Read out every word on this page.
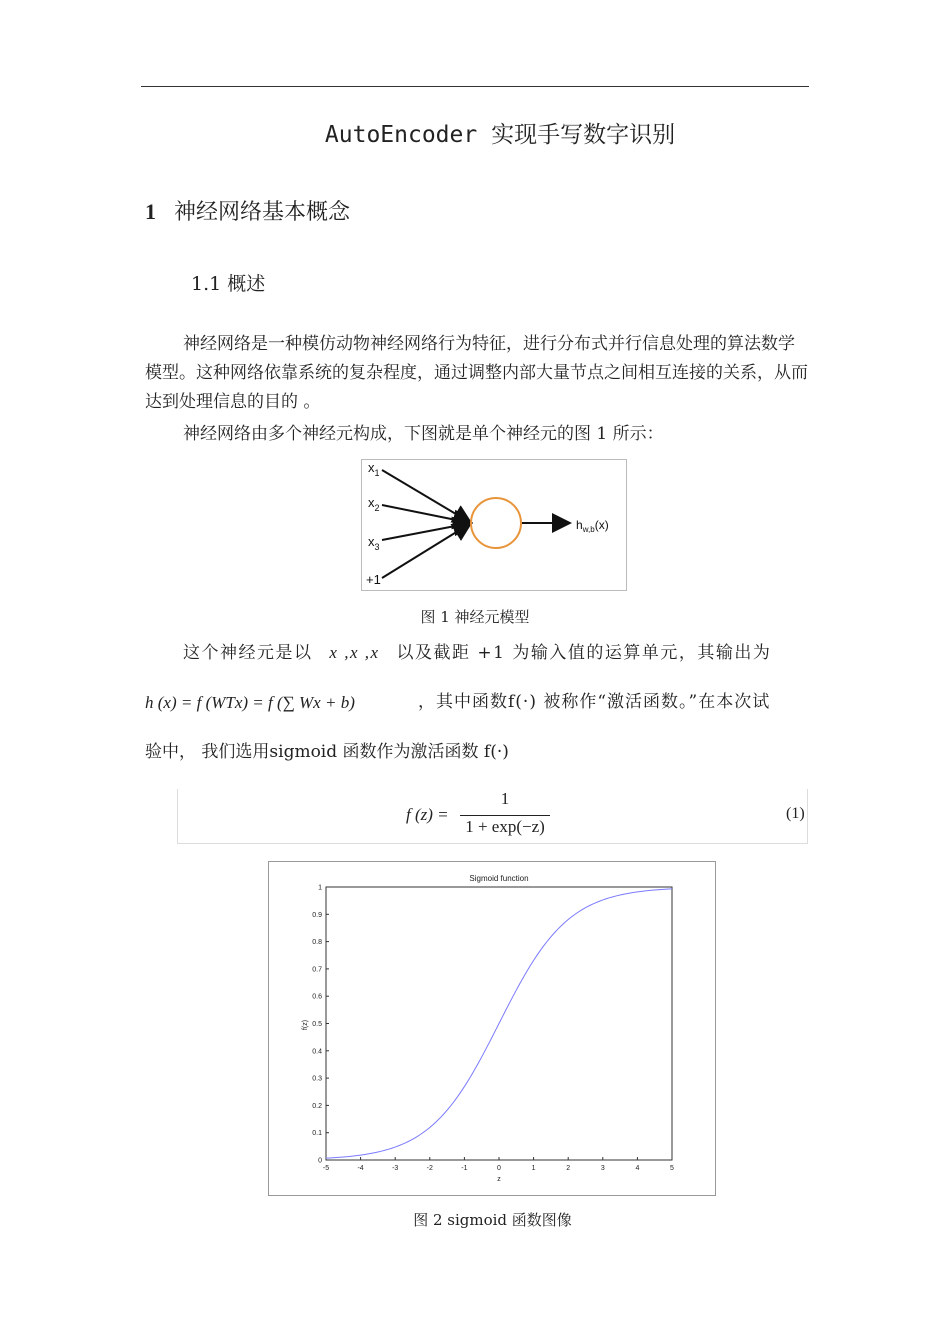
AutoEncoder 实现手写数字识别
1 神经网络基本概念
1.1 概述
神经网络是一种模仿动物神经网络行为特征，进行分布式并行信息处理的算法数学模型。这种网络依靠系统的复杂程度，通过调整内部大量节点之间相互连接的关系，从而达到处理信息的目的 。
神经网络由多个神经元构成，下图就是单个神经元的图 1 所示：
$x_1$
$x_2$
$x_3$
+1
$h_{w,b}(x)$
图 1 神经元模型
这个神经元是以 x ,x ,x 以及截距 +1 为输入值的运算单元，其输出为
h (x) = f (WTx) = f (∑ Wx + b)	，其中函数f(·) 被称作“激活函数。”在本次试
验中， 我们选用sigmoid 函数作为激活函数 f(·)
f (z) =
1
1 + exp(−z)
(1)
Sigmoid function
z
f(z)
-5	-4	-3	-2	-1	0	1	2	3	4	5
0
0.1
0.2
0.3
0.4
0.5
0.6
0.7
0.8
0.9
1
图 2 sigmoid 函数图像
